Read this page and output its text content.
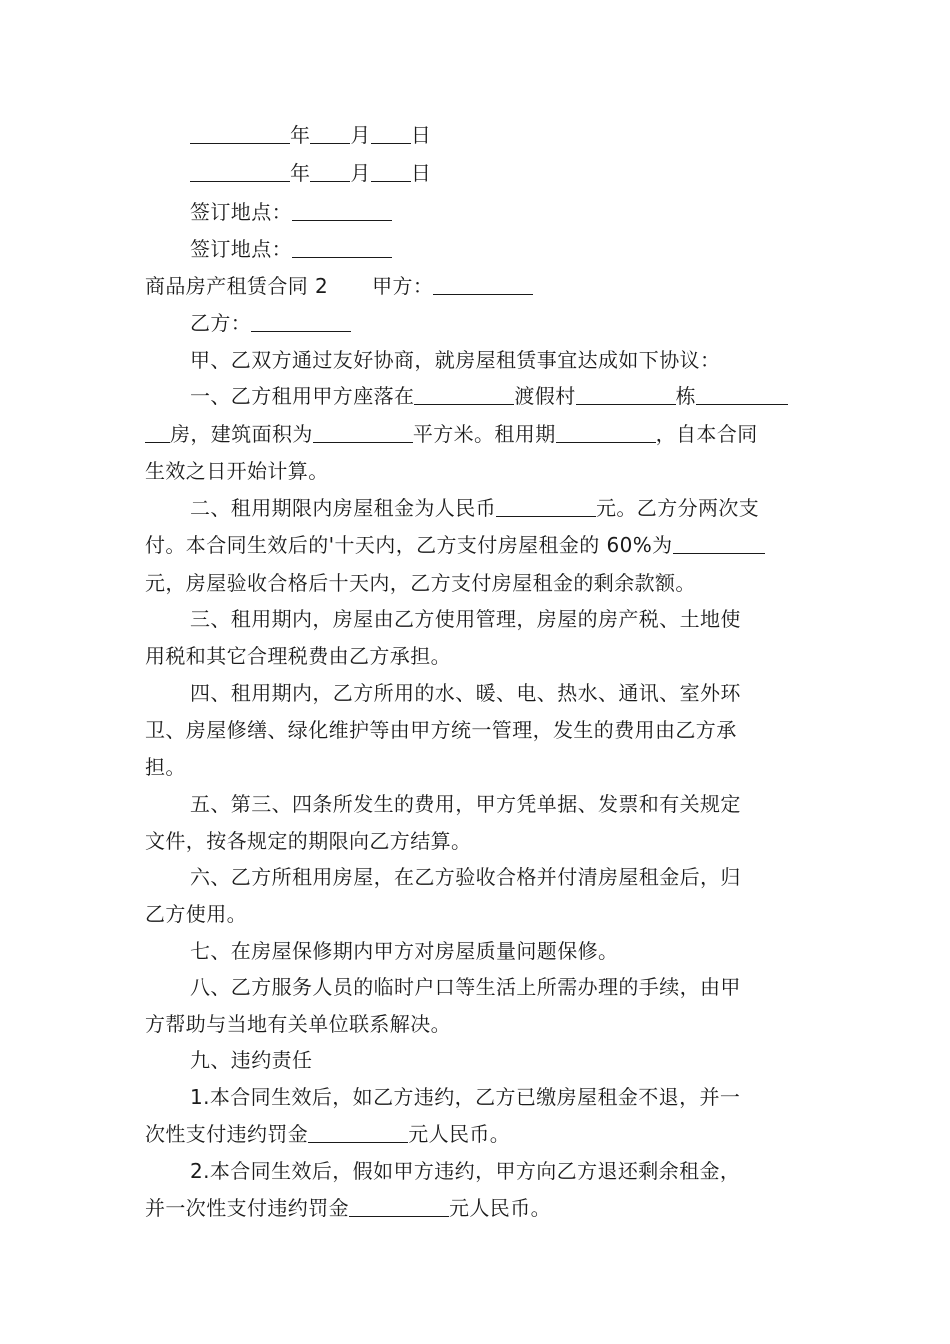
年 月 日
年 月 日
签订地点：
签订地点：
商品房产租赁合同 2 甲方：
乙方：
甲、乙双方通过友好协商，就房屋租赁事宜达成如下协议：
一、乙方租用甲方座落在	渡假村	栋
房，建筑面积为	平方米。租用期	，自本合同
生效之日开始计算。
二、租用期限内房屋租金为人民币	元。乙方分两次支
付。本合同生效后的'十天内，乙方支付房屋租金的 60%为
元，房屋验收合格后十天内，乙方支付房屋租金的剩余款额。
三、租用期内，房屋由乙方使用管理，房屋的房产税、土地使
用税和其它合理税费由乙方承担。
四、租用期内，乙方所用的水、暖、电、热水、通讯、室外环
卫、房屋修缮、绿化维护等由甲方统一管理，发生的费用由乙方承
担。
五、第三、四条所发生的费用，甲方凭单据、发票和有关规定
文件，按各规定的期限向乙方结算。
六、乙方所租用房屋，在乙方验收合格并付清房屋租金后，归
乙方使用。
七、在房屋保修期内甲方对房屋质量问题保修。
八、乙方服务人员的临时户口等生活上所需办理的手续，由甲
方帮助与当地有关单位联系解决。
九、违约责任
1.本合同生效后，如乙方违约，乙方已缴房屋租金不退，并一
次性支付违约罚金	元人民币。
2.本合同生效后，假如甲方违约，甲方向乙方退还剩余租金，
并一次性支付违约罚金	元人民币。
